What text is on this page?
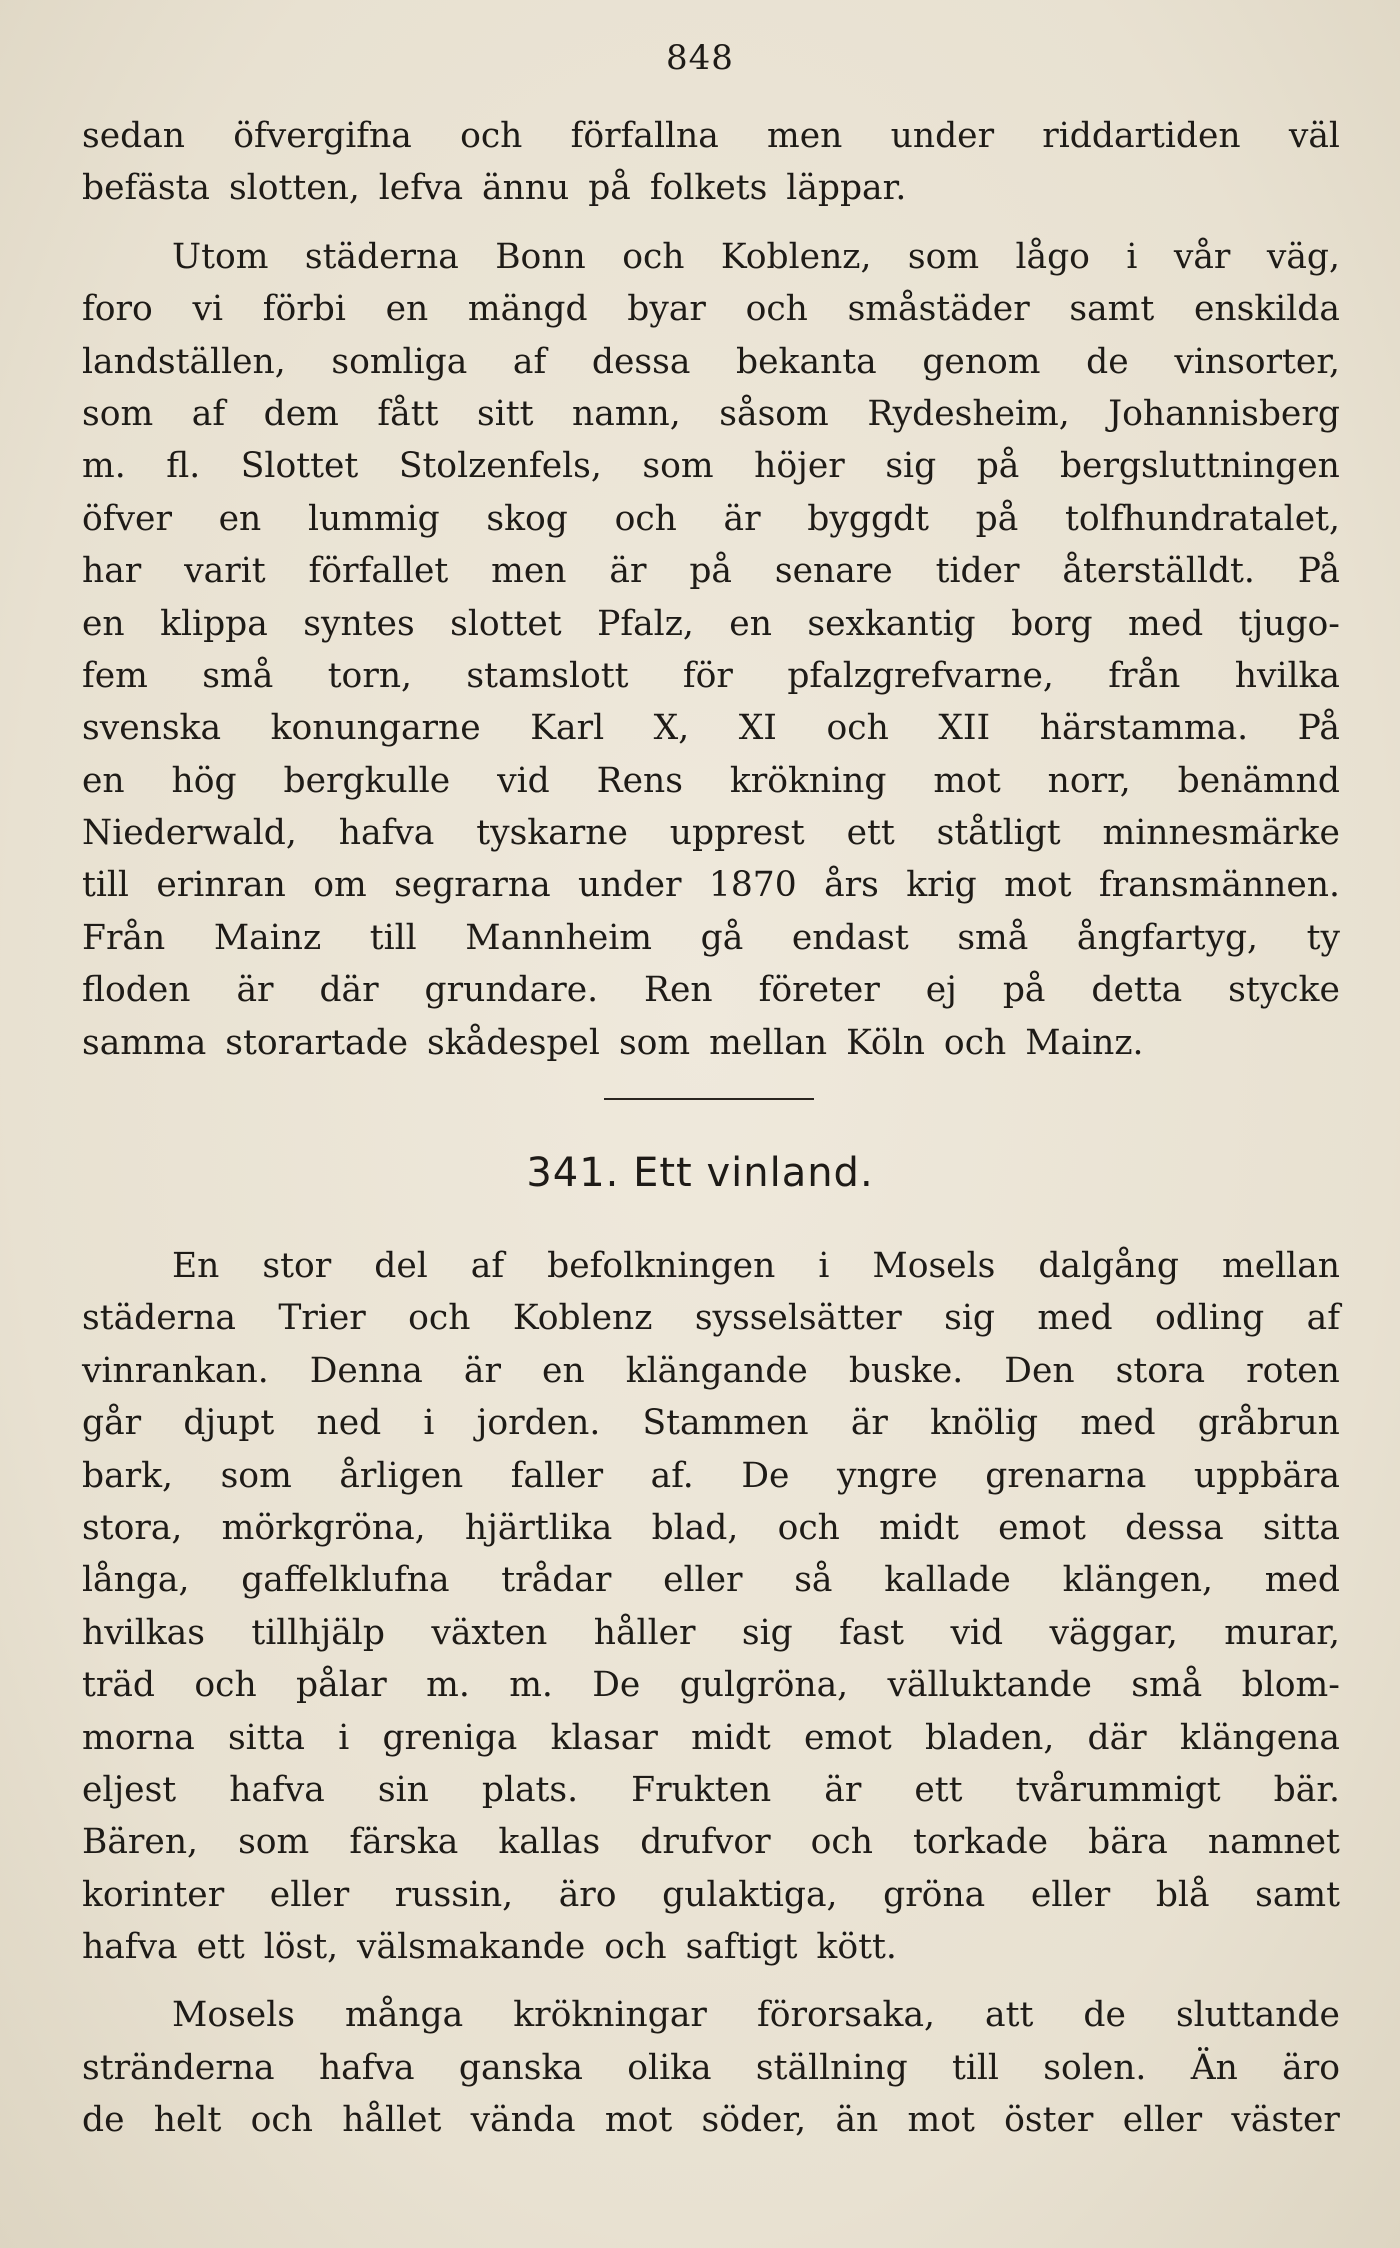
848

sedan öfvergifna och förfallna men under riddartiden väl
befästa slotten, lefva ännu på folkets läppar.

Utom städerna Bonn och Koblenz, som lågo i vår väg,
foro vi förbi en mängd byar och småstäder samt enskilda
landställen, somliga af dessa bekanta genom de vinsorter,
som af dem fått sitt namn, såsom Rydesheim, Johannisberg
m. fl. Slottet Stolzenfels, som höjer sig på bergsluttningen
öfver en lummig skog och är byggdt på tolfhundratalet,
har varit förfallet men är på senare tider återställdt. På
en klippa syntes slottet Pfalz, en sexkantig borg med tjugo-
fem små torn, stamslott för pfalzgrefvarne, från hvilka
svenska konungarne Karl X, XI och XII härstamma. På
en hög bergkulle vid Rens krökning mot norr, benämnd
Niederwald, hafva tyskarne upprest ett ståtligt minnesmärke
till erinran om segrarna under 1870 års krig mot fransmännen.
Från Mainz till Mannheim gå endast små ångfartyg, ty
floden är där grundare. Ren företer ej på detta stycke
samma storartade skådespel som mellan Köln och Mainz.

341. Ett vinland.

En stor del af befolkningen i Mosels dalgång mellan
städerna Trier och Koblenz sysselsätter sig med odling af
vinrankan. Denna är en klängande buske. Den stora roten
går djupt ned i jorden. Stammen är knölig med gråbrun
bark, som årligen faller af. De yngre grenarna uppbära
stora, mörkgröna, hjärtlika blad, och midt emot dessa sitta
långa, gaffelklufna trådar eller så kallade klängen, med
hvilkas tillhjälp växten håller sig fast vid väggar, murar,
träd och pålar m. m. De gulgröna, välluktande små blom-
morna sitta i greniga klasar midt emot bladen, där klängena
eljest hafva sin plats. Frukten är ett tvårummigt bär.
Bären, som färska kallas drufvor och torkade bära namnet
korinter eller russin, äro gulaktiga, gröna eller blå samt
hafva ett löst, välsmakande och saftigt kött.

Mosels många krökningar förorsaka, att de sluttande
stränderna hafva ganska olika ställning till solen. Än äro
de helt och hållet vända mot söder, än mot öster eller väster
